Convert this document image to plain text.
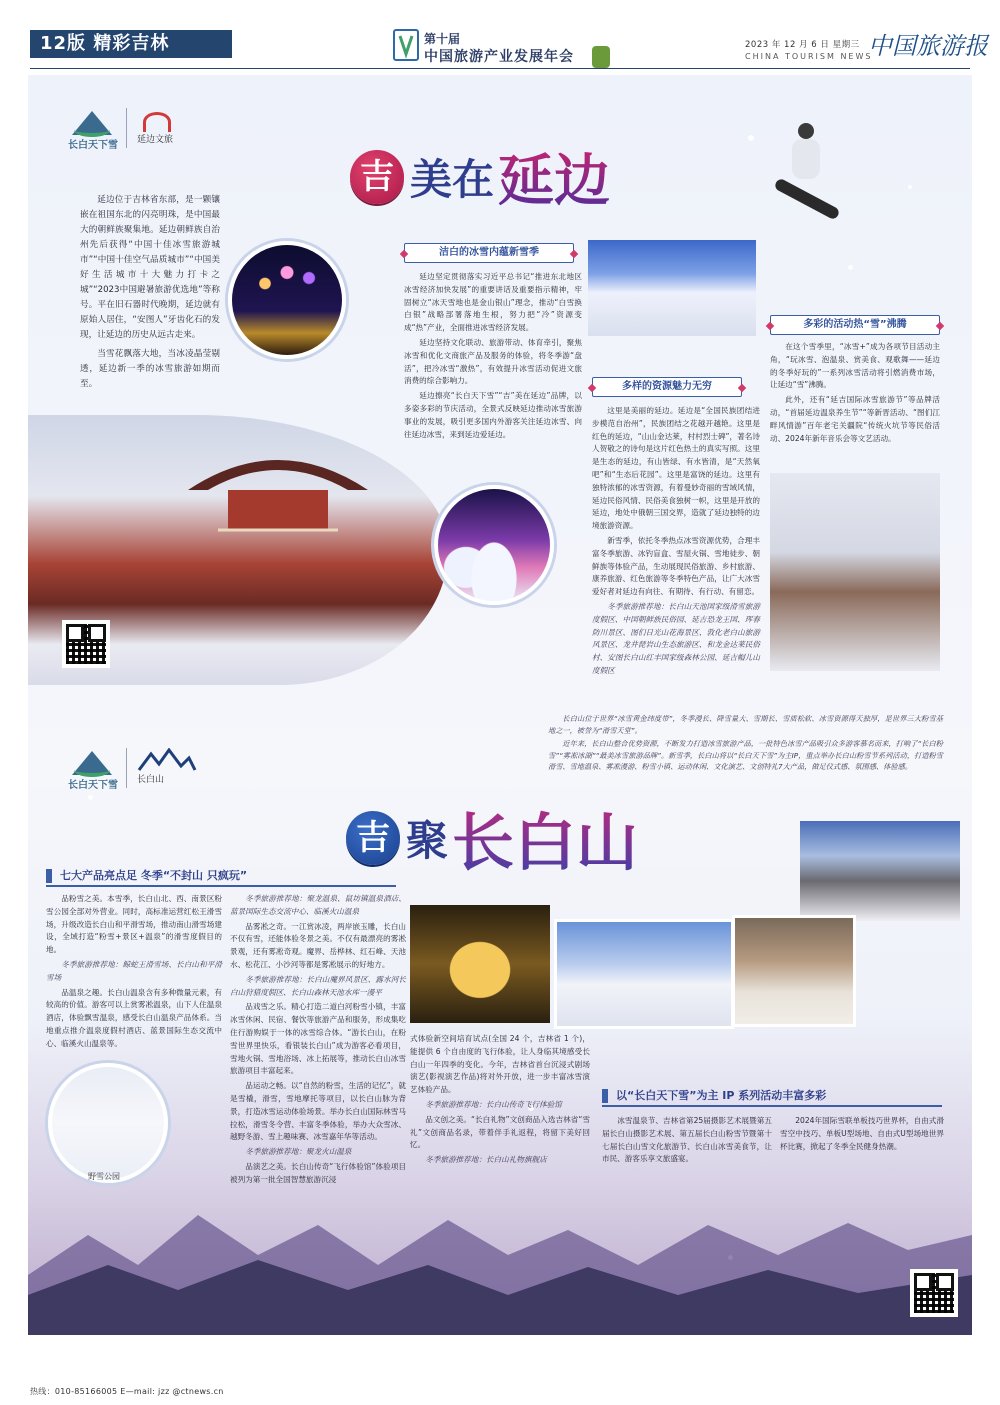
12版 精彩吉林	第十届
中国旅游产业发展年会
2023 年 12 月 6 日 星期三
CHINA TOURISM NEWS
中国旅游报
长白天下雪	延边文旅
吉 美在 延边

延边位于吉林省东部，是一颗镶嵌在祖国东北的闪亮明珠，是中国最大的朝鲜族聚集地。延边朝鲜族自治州先后获得“中国十佳冰雪旅游城市”“中国十佳空气品质城市”“中国美好生活城市十大魅力打卡之城”“2023中国避暑旅游优选地”等称号。平在旧石器时代晚期，延边就有原始人居住，“安图人”牙齿化石的发现，让延边的历史从远古走来。

当雪花飘落大地，当冰凌晶莹剔透，延边新一季的冰雪旅游如期而至。

洁白的冰雪内蕴新雪季

延边坚定贯彻落实习近平总书记“推进东北地区冰雪经济加快发展”的重要讲话及重要指示精神，牢固树立“冰天雪地也是金山银山”理念，推动“白雪换白银”战略部署落地生根，努力把“冷”资源变成“热”产业，全面推进冰雪经济发展。

延边坚持文化联动、旅游带动、体育牵引，聚焦冰雪和优化文商旅产品及服务的体验，将冬季游“盘活”，把冷冰雪“激热”，有效提升冰雪活动促进文旅消费的综合影响力。

延边擦亮“长白天下雪”“吉”美在延边”品牌，以多姿多彩的节庆活动，全景式反映延边推动冰雪旅游事业的发展，吸引更多国内外游客关注延边冰雪、向往延边冰雪，来到延边爱延边。

多彩的活动热“雪”沸腾

在这个雪季里，“冰雪+”成为各项节目活动主角，“玩冰雪、泡温泉、赏美食、观歌舞——延边的冬季好玩的”一系列冰雪活动将引燃消费市场，让延边“雪”沸腾。

此外，还有“延吉国际冰雪旅游节”等品牌活动，“首届延边温泉养生节”“等新晋活动、“图们江畔风情游”百年老宅关疆院“传统火坑节等民俗活动、2024年新年音乐会等文艺活动。

多样的资源魅力无穷

这里是美丽的延边。延边是“全国民族团结进步模范自治州”，民族团结之花越开越艳。这里是红色的延边，“山山金达莱，村村烈士碑”，著名诗人贺敬之的诗句是这片红色热土的真实写照。这里是生态的延边，有山皆绿、有水皆清，是“天然氧吧”和“生态后花园”。这里是富饶的延边。这里有独特浓郁的冰雪资源，有着曼妙奇丽的雪域风情，延边民俗风情、民俗美食独树一帜，这里是开放的延边，地处中俄朝三国交界，造就了延边独特的边境旅游资源。

新雪季，依托冬季热点冰雪资源优势，合理丰富冬季旅游、冰钓盲盒、雪屋火锅、雪地徒步、朝鲜族等体验产品，生动展现民俗旅游、乡村旅游、康养旅游、红色旅游等冬季特色产品，让广大冰雪爱好者对延边有向往、有期待、有行动、有留恋。

冬季旅游推荐地：长白山天池国家级滑雪旅游度假区、中国朝鲜族民俗园、延吉恐龙王国、珲春防川景区、图们日光山花海景区、敦化老白山旅游风景区、龙井琵岩山生态旅游区、和龙金达莱民俗村、安图长白山红丰国家级森林公园、延吉帽儿山度假区

长白山位于世界“冰雪黄金纬度带”，冬季漫长、降雪量大、雪期长、雪质松软、冰雪资源得天独厚，是世界三大粉雪基地之一，被誉为“滑雪天堂”。

近年来，长白山整合优势资源，不断发力打造冰雪旅游产品，一批特色冰雪产品吸引众多游客慕名而来，打响了“长白粉雪”“雾凇冰湖”“最美冰雪旅游品牌”。新雪季，长白山将以“长白天下雪”为主IP，重点举办长白山粉雪节系列活动，打造粉雪滑雪、雪地温泉、雾凇漫游、粉雪小镇、运动休闲、文化演艺、文创特礼7大产品，做足仪式感、氛围感、体验感。

长白天下雪	长白山
吉 聚 长白山
七大产品亮点足 冬季“不封山 只疯玩”

品粉雪之美。本雪季，长白山北、西、南景区粉雪公园全部对外营业。同时，高标准运营红松王滑雪场，升级改造长白山和平滑雪场，推动南山滑雪场建设，全域打造“粉雪+景区+温泉”的滑雪度假目的地。

冬季旅游推荐地：鲸蛇王滑雪场、长白山和平滑雪场

品温泉之趣。长白山温泉含有多种微量元素，有较高的价值。游客可以上赏雾凇温泉，山下人住温泉酒店，体验飘雪温泉，感受长白山温泉产品体系。当地重点推介温泉度假村酒店、蓝景国际生态交流中心、临溪火山温泉等。

冬季旅游推荐地：聚龙温泉、鼠坊镇温泉酒店、蓝景国际生态交流中心、临溪火山温泉

品雾凇之奇。一江赏冰凌，两岸嵌玉雕，长白山不仅有雪，还能体验冬景之美。不仅有最漂亮的雾凇景观，还有雾凇奇观。魔界、岳桦林、红石峰、天池水、松花江、小沙河等都是雾凇展示的好地方。

冬季旅游推荐地：长白山魔界风景区、露水河长白山狩猎度假区、长白山森林天池水库一漫平

品戏雪之乐。精心打造二道白河粉雪小镇，丰富冰雪休闲、民宿、餐饮等旅游产品和服务，形成集吃住行游购娱于一体的冰雪综合体。“游长白山，在粉雪世界里快乐，看银装长白山”成为游客必看项目，雪地火锅、雪地浴场、冰上拓展等，推动长白山冰雪旅游项目丰富起来。

品运动之畅。以“自然的粉雪，生活的记忆”，就是雪橇，滑雪，雪地摩托等项目，以长白山脉为背景，打造冰雪运动体验场景。举办长白山国际林雪马拉松，滑雪冬令营、丰富冬季体验，举办大众雪冰、越野冬游、雪上趣味赛、冰雪嘉年华等活动。

冬季旅游推荐地：聚龙火山温泉

品演艺之美。长白山传奇“飞行体验馆”体验项目被列为第一批全国智慧旅游沉浸

式体验新空间培育试点(全国 24 个，吉林省 1 个)，能提供 6 个自由度的飞行体验，让人身临其境感受长白山一年四季的变化。今年，吉林省首台沉浸式剧场演艺(影视演艺作品)将对外开放，进一步丰富冰雪演艺体验产品。

冬季旅游推荐地：长白山传奇飞行体验馆

品文创之美。“长白礼物”文创商品入选吉林省“雪礼”文创商品名录，带着伴手礼返程，将留下美好回忆。

冬季旅游推荐地：长白山礼物旗舰店

野雪公园
以“长白天下雪”为主 IP 系列活动丰富多彩

冰雪温泉节、吉林省第25届摄影艺术展暨第五届长白山摄影艺术展、第五届长白山粉雪节暨第十七届长白山雪文化旅游节、长白山冰雪美食节，让市民、游客乐享文旅盛宴。

2024年国际雪联单板技巧世界杯，自由式滑雪空中技巧、单板U型场地、自由式U型场地世界杯比赛，掀起了冬季全民健身热潮。

热线：010-85166005 E—mail: jzz @ctnews.cn
